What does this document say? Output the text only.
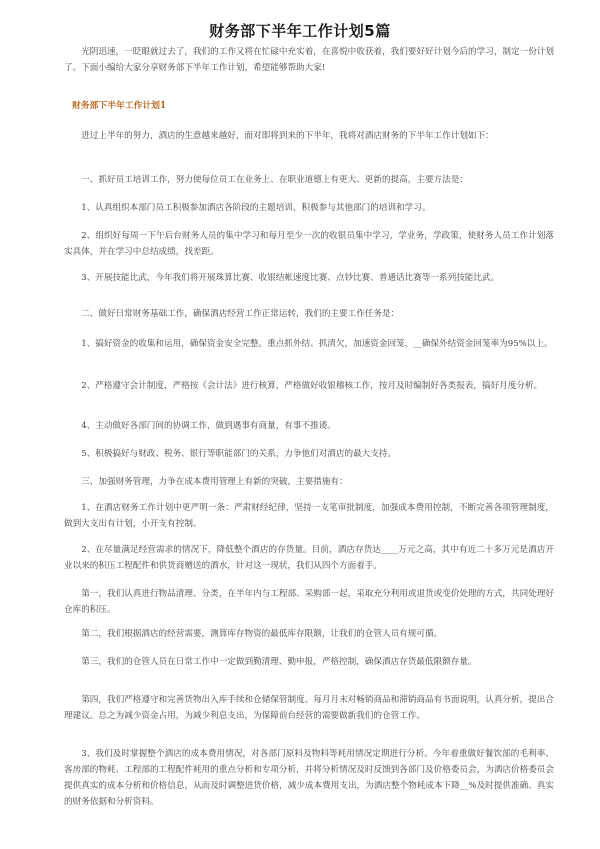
财务部下半年工作计划5篇

光阴迅速，一眨眼就过去了，我们的工作又将在忙碌中充实着，在喜悦中收获着，我们要好好计划今后的学习，制定一份计划了。下面小编给大家分享财务部下半年工作计划，希望能够帮助大家!

财务部下半年工作计划1

进过上半年的努力，酒店的生意越来越好，面对即将到来的下半年，我将对酒店财务的下半年工作计划如下：

一、抓好员工培训工作，努力使每位员工在业务上、在职业道德上有更大、更新的提高，主要方法是：

1、认真组织本部门员工积极参加酒店各阶段的主题培训，积极参与其他部门的培训和学习。

2、组织好每周一下午后台财务人员的集中学习和每月至少一次的收银员集中学习，学业务，学政策，使财务人员工作计划落实具体，并在学习中总结成绩，找差距。

3、开展技能比武，今年我们将开展珠算比赛、收银结帐速度比赛、点钞比赛、普通话比赛等一系列技能比武。

二、做好日常财务基础工作，确保酒店经营工作正常运转，我们的主要工作任务是：

1、搞好资金的收集和运用，确保资金安全完整。重点抓外结、抓清欠，加速资金回笼，__确保外结资金回笼率为95%以上。

2、严格遵守会计制度，严格按《会计法》进行核算，严格做好收银稽核工作，按月及时编制好各类报表，搞好月度分析。

4、主动做好各部门间的协调工作，做到遇事有商量，有事不推诿。

5、积极搞好与财政、税务、银行等职能部门的关系，力争他们对酒店的最大支持。

三、加强财务管理，力争在成本费用管理上有新的突破，主要措施有：

1、在酒店财务工作计划中更严明一条：严肃财经纪律，坚持一支笔审批制度，加强成本费用控制，不断完善各项管理制度，做到大支出有计划，小开支有控制。

2、在尽量满足经营需求的情况下，降低整个酒店的存货量。目前，酒店存货达____万元之高，其中有近二十多万元是酒店开业以来的积压工程配件和供货商赠送的酒水，针对这一现状，我们从四个方面着手。

第一，我们认真进行物品清理、分类，在半年内与工程部、采购部一起，采取充分利用或退货或变价处理的方式，共同处理好仓库的积压。

第二，我们根据酒店的经营需要，测算库存物资的最低库存限额，让我们的仓管人员有规可循。

第三，我们的仓管人员在日常工作中一定做到勤清理、勤申报，严格控制，确保酒店存货最低限额存量。

第四，我们严格遵守和完善货物出入库手续和仓储保管制度。每月月末对畅销商品和滞销商品有书面说明，认真分析，提出合理建议。总之为减少资金占用，为减少利息支出，为保障前台经营的需要做新我们的仓管工作。

3、我们及时掌握整个酒店的成本费用情况，对各部门原料及物料等耗用情况定期进行分析。今年着重做好餐饮部的毛利率、客房部的物耗、工程部的工程配件耗用的重点分析和专项分析，并将分析情况及时反馈到各部门及价格委员会，为酒店价格委员会提供真实的成本分析和价格信息，从而及时调整进货价格，减少成本费用支出，为酒店整个物耗成本下降__%及时提供准确、真实的财务依据和分析资料。
